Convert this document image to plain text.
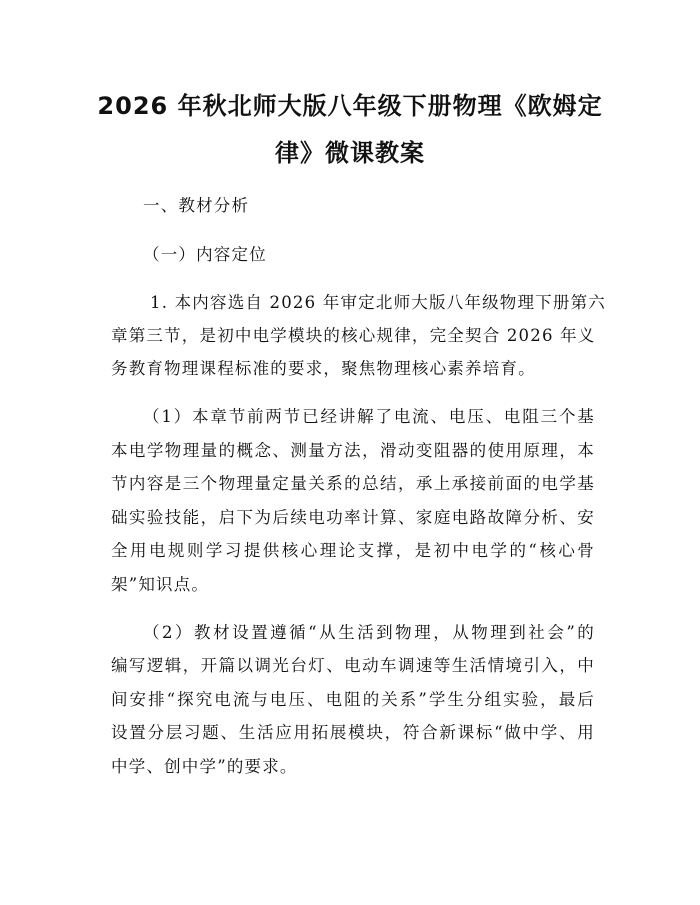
2026 年秋北师大版八年级下册物理《欧姆定
律》微课教案
一、教材分析
（一）内容定位
1. 本内容选自 2026 年审定北师大版八年级物理下册第六
章第三节，是初中电学模块的核心规律，完全契合 2026 年义
务教育物理课程标准的要求，聚焦物理核心素养培育。
（1）本章节前两节已经讲解了电流、电压、电阻三个基
本电学物理量的概念、测量方法，滑动变阻器的使用原理，本
节内容是三个物理量定量关系的总结，承上承接前面的电学基
础实验技能，启下为后续电功率计算、家庭电路故障分析、安
全用电规则学习提供核心理论支撑，是初中电学的“核心骨
架”知识点。
（2）教材设置遵循“从生活到物理，从物理到社会”的
编写逻辑，开篇以调光台灯、电动车调速等生活情境引入，中
间安排“探究电流与电压、电阻的关系”学生分组实验，最后
设置分层习题、生活应用拓展模块，符合新课标“做中学、用
中学、创中学”的要求。
